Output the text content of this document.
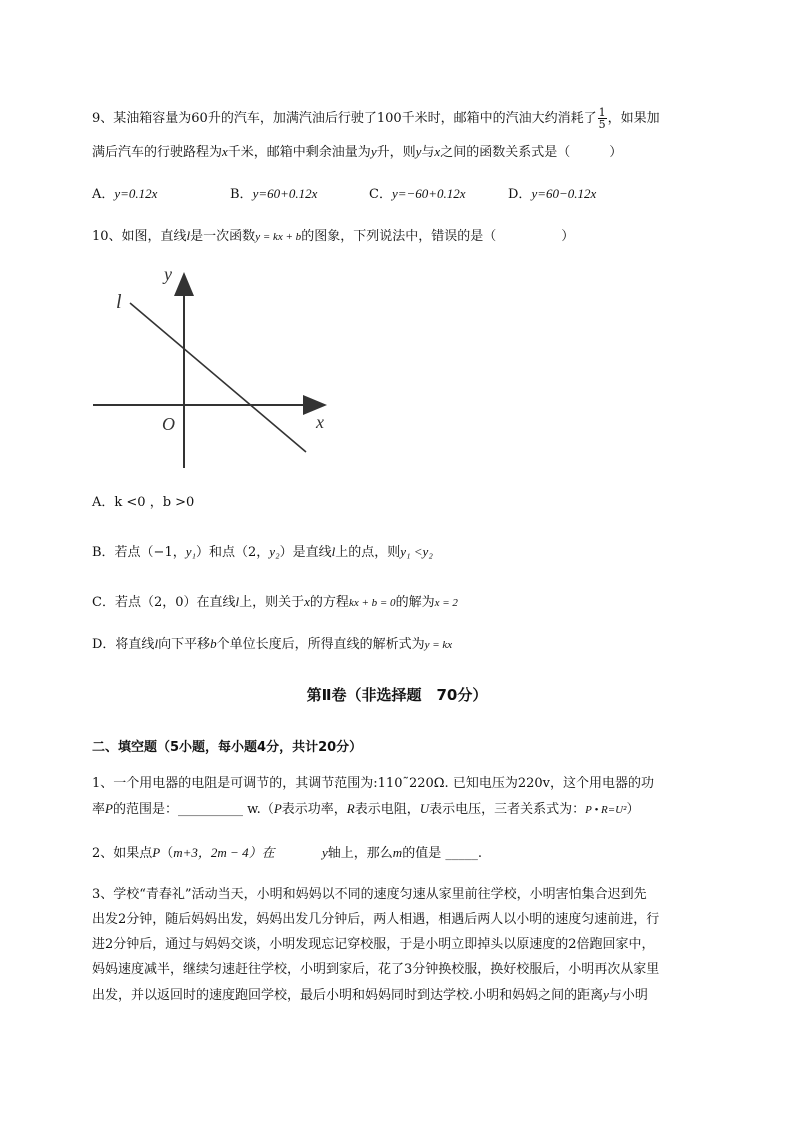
9、某油箱容量为60升的汽车，加满汽油后行驶了100千米时，邮箱中的汽油大约消耗了 $\frac{1}{5}$ ，如果加
满后汽车的行驶路程为x千米，邮箱中剩余油量为y升，则y与x之间的函数关系式是（　　　）
A．y=0.12x	B．y=60+0.12x	C．y=−60+0.12x	D．y=60−0.12x
10、如图，直线l是一次函数y = kx + b的图象，下列说法中，错误的是（　　　　　）
y
x
O
l
A．k <0 ，b >0
B．若点（−1，y₁）和点（2，y₂）是直线l上的点，则y₁ <y₂
C．若点（2，0）在直线l上，则关于x的方程kx + b = 0的解为x = 2
D．将直线l向下平移b个单位长度后，所得直线的解析式为y = kx
第Ⅱ卷（非选择题　70分）
二、填空题（5小题，每小题4分，共计20分）
1、一个用电器的电阻是可调节的，其调节范围为:110˜220Ω. 已知电压为220v，这个用电器的功
率P的范围是：__________ w.（P表示功率，R表示电阻，U表示电压，三者关系式为：P • R=U²）
2、如果点P（m+3，2m − 4）在	y轴上，那么m的值是 _____.
3、学校“青春礼”活动当天，小明和妈妈以不同的速度匀速从家里前往学校，小明害怕集合迟到先
出发2分钟，随后妈妈出发，妈妈出发几分钟后，两人相遇，相遇后两人以小明的速度匀速前进，行
进2分钟后，通过与妈妈交谈，小明发现忘记穿校服，于是小明立即掉头以原速度的2倍跑回家中，
妈妈速度减半，继续匀速赶往学校，小明到家后，花了3分钟换校服，换好校服后，小明再次从家里
出发，并以返回时的速度跑回学校，最后小明和妈妈同时到达学校.小明和妈妈之间的距离y与小明
